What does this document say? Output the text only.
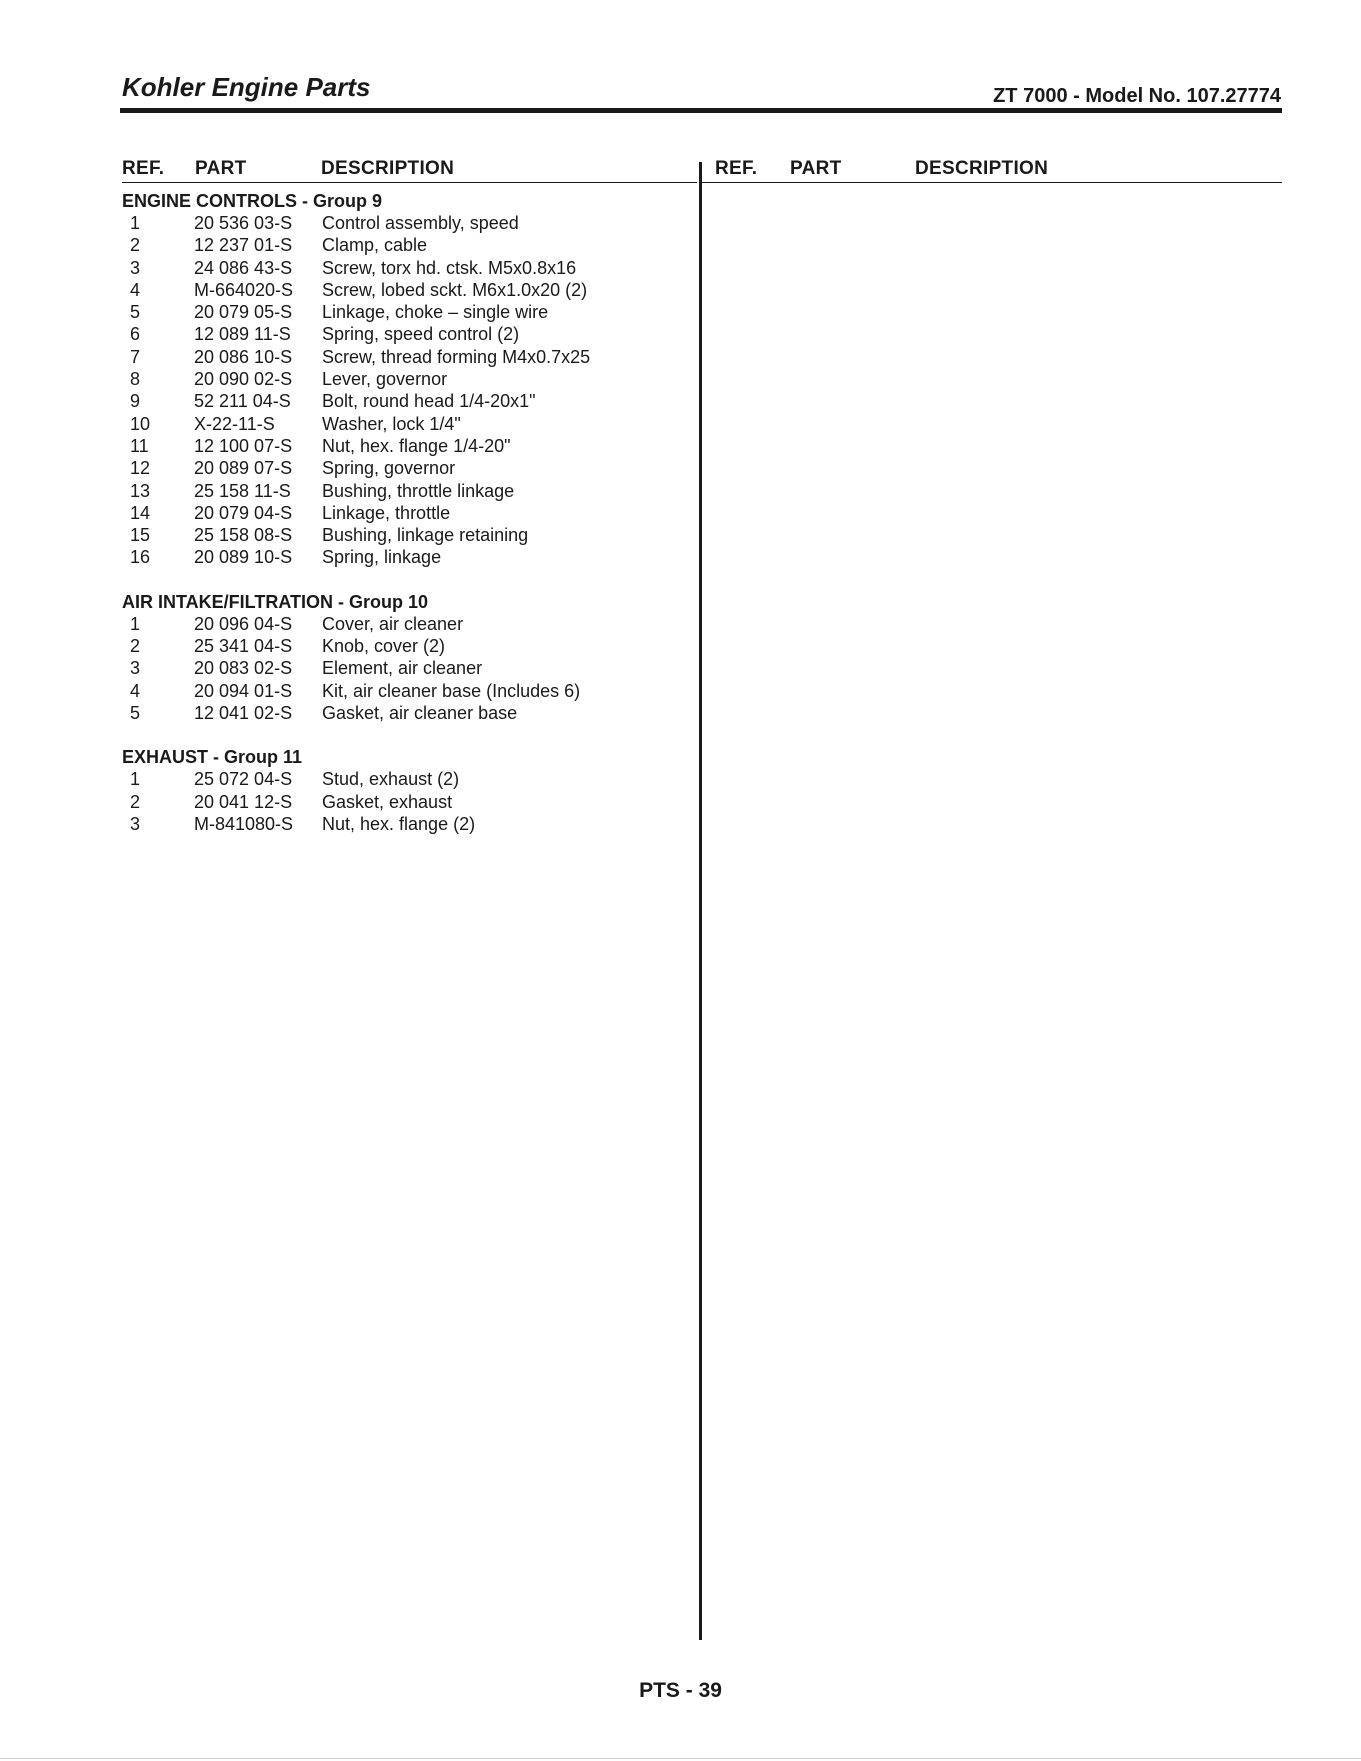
Kohler Engine Parts	ZT 7000 - Model No. 107.27774
REF. PART	DESCRIPTION	REF. PART	DESCRIPTION
ENGINE CONTROLS - Group 9
1	20 536 03-S	Control assembly, speed
2	12 237 01-S	Clamp, cable
3	24 086 43-S	Screw, torx hd. ctsk. M5x0.8x16
4	M-664020-S	Screw, lobed sckt. M6x1.0x20 (2)
5	20 079 05-S	Linkage, choke – single wire
6	12 089 11-S	Spring, speed control (2)
7	20 086 10-S	Screw, thread forming M4x0.7x25
8	20 090 02-S	Lever, governor
9	52 211 04-S	Bolt, round head 1/4-20x1"
10	X-22-11-S	Washer, lock 1/4"
11	12 100 07-S	Nut, hex. flange 1/4-20"
12	20 089 07-S	Spring, governor
13	25 158 11-S	Bushing, throttle linkage
14	20 079 04-S	Linkage, throttle
15	25 158 08-S	Bushing, linkage retaining
16	20 089 10-S	Spring, linkage
AIR INTAKE/FILTRATION - Group 10
1	20 096 04-S	Cover, air cleaner
2	25 341 04-S	Knob, cover (2)
3	20 083 02-S	Element, air cleaner
4	20 094 01-S	Kit, air cleaner base (Includes 6)
5	12 041 02-S	Gasket, air cleaner base
EXHAUST - Group 11
1	25 072 04-S	Stud, exhaust (2)
2	20 041 12-S	Gasket, exhaust
3	M-841080-S	Nut, hex. flange (2)
PTS - 39
